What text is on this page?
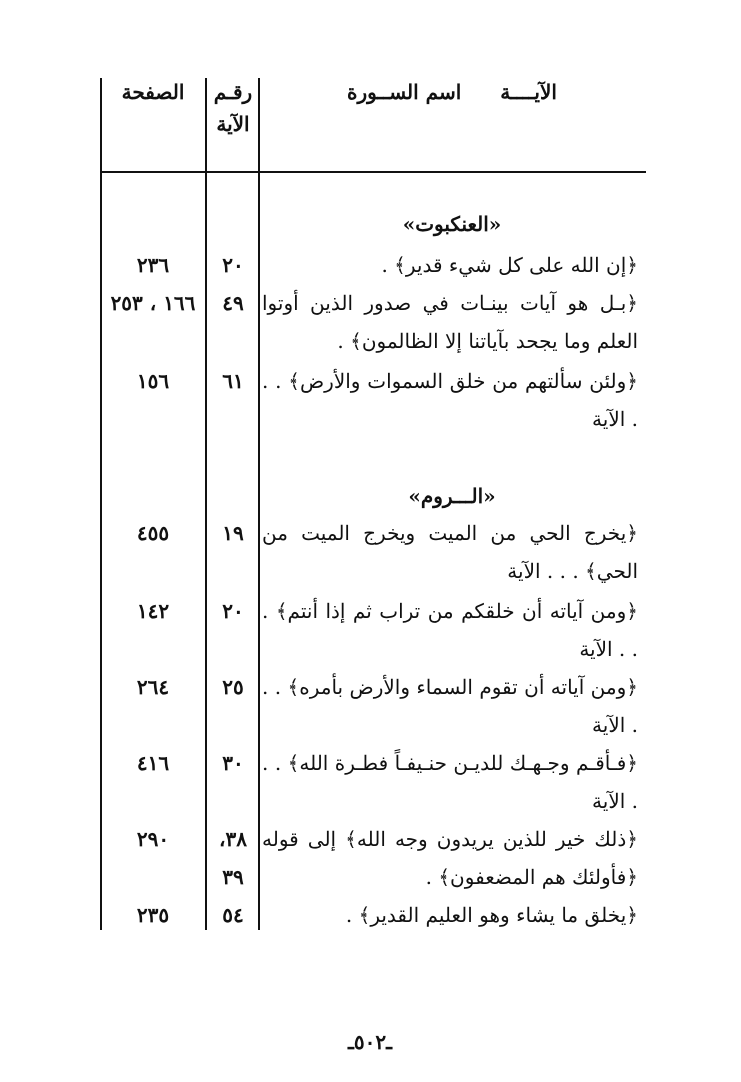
الآيــــة اسم الســورة
رقـم الآية
الصفحة
«العنكبوت»
﴿إن الله على كل شيء قدير﴾ .
٢٠
٢٣٦
﴿بـل هو آيات بينـات في صدور الذين أوتوا العلم وما يجحد بآياتنا إلا الظالمون﴾ .
٤٩
١٦٦ ، ٢٥٣
﴿ولئن سألتهم من خلق السموات والأرض﴾ . . . الآية
٦١
١٥٦
«الـــروم»
﴿يخرج الحي من الميت ويخرج الميت من الحي﴾ . . . الآية
١٩
٤٥٥
﴿ومن آياته أن خلقكم من تراب ثم إذا أنتم﴾ . . . الآية
٢٠
١٤٢
﴿ومن آياته أن تقوم السماء والأرض بأمره﴾ . . . الآية
٢٥
٢٦٤
﴿فـأقـم وجـهـك للديـن حنـيفـاً فطـرة الله﴾ . . . الآية
٣٠
٤١٦
﴿ذلك خير للذين يريدون وجه الله﴾ إلى قوله ﴿فأولئك هم المضعفون﴾ .
٣٨، ٣٩
٢٩٠
﴿يخلق ما يشاء وهو العليم القدير﴾ .
٥٤
٢٣٥
ـ٥٠٢ـ
